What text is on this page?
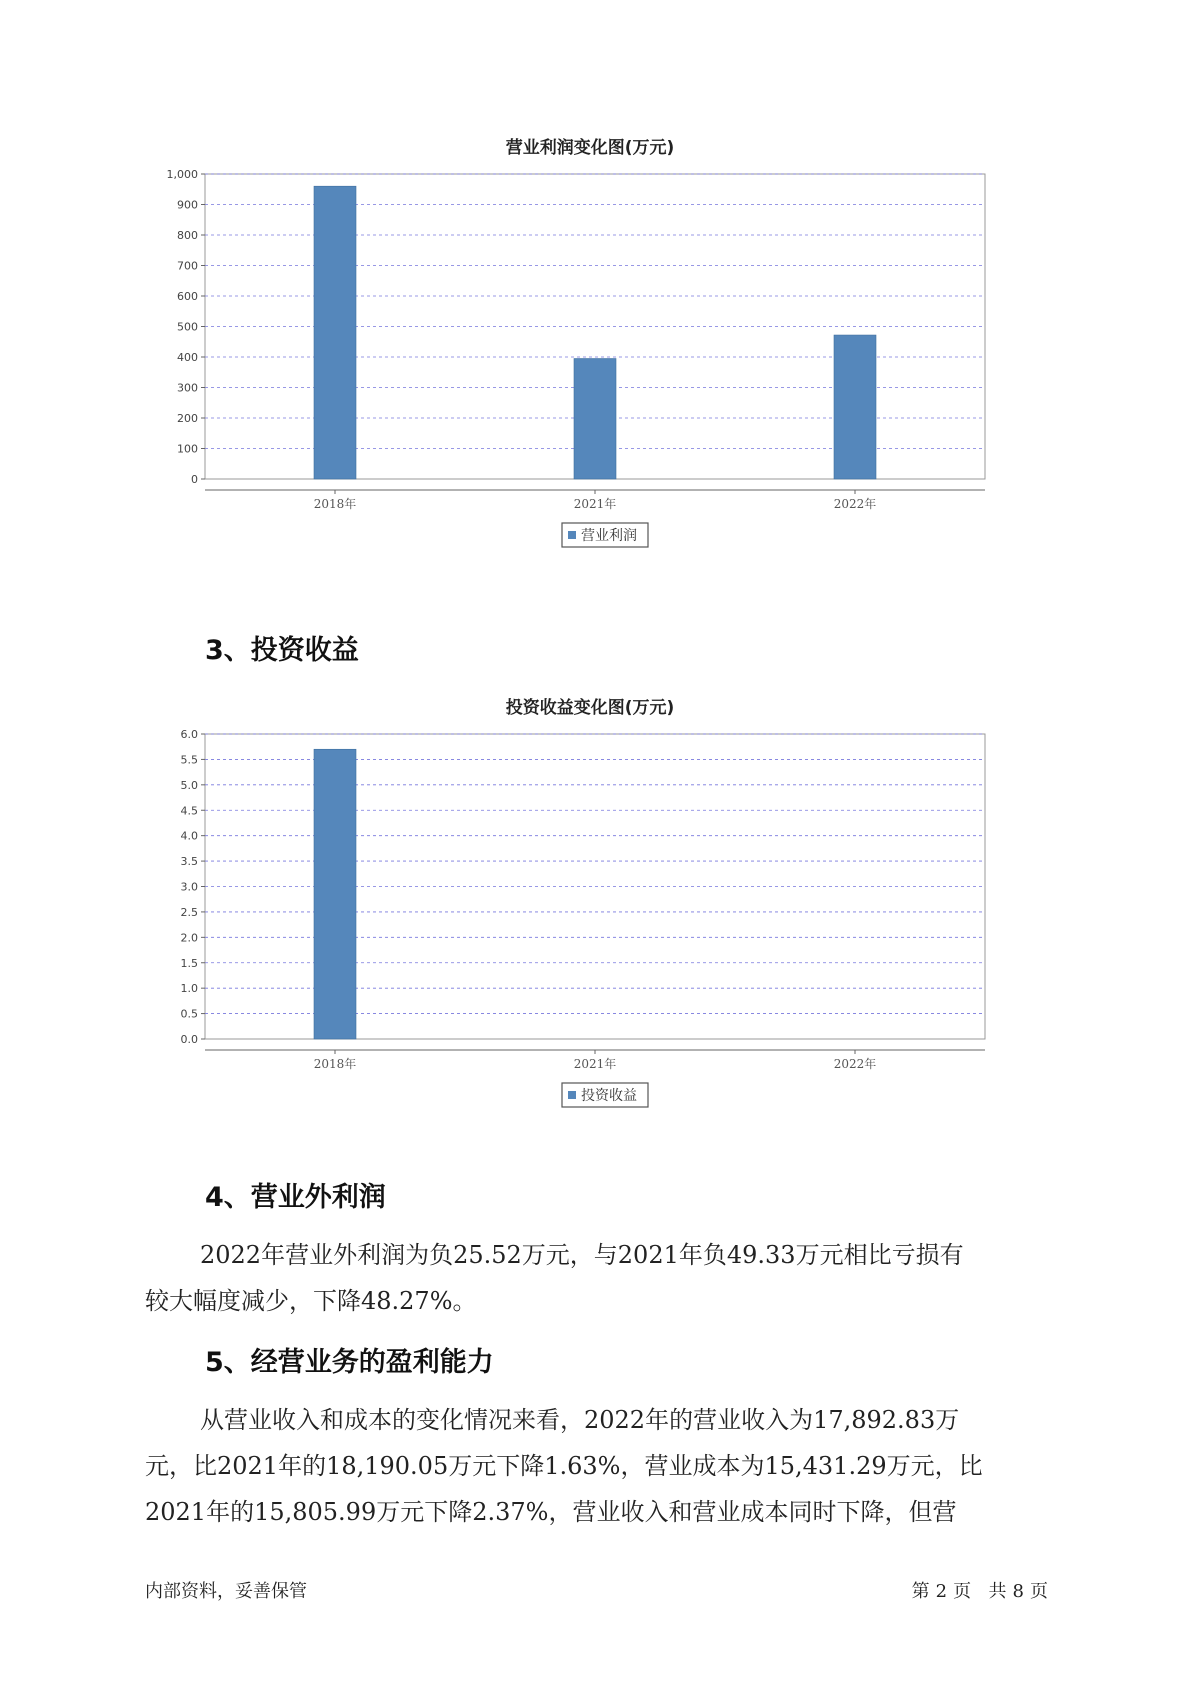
营业利润变化图(万元)
0
100
200
300
400
500
600
700
800
900
1,000
2018年	2021年	2022年
营业利润
3、投资收益
投资收益变化图(万元)
0.0
0.5
1.0
1.5
2.0
2.5
3.0
3.5
4.0
4.5
5.0
5.5
6.0
2018年	2021年	2022年
投资收益
4、营业外利润
2022年营业外利润为负25.52万元，与2021年负49.33万元相比亏损有
较大幅度减少，下降48.27%。
5、经营业务的盈利能力
从营业收入和成本的变化情况来看，2022年的营业收入为17,892.83万
元，比2021年的18,190.05万元下降1.63%，营业成本为15,431.29万元，比
2021年的15,805.99万元下降2.37%，营业收入和营业成本同时下降，但营
内部资料，妥善保管	第 2 页 共 8 页
